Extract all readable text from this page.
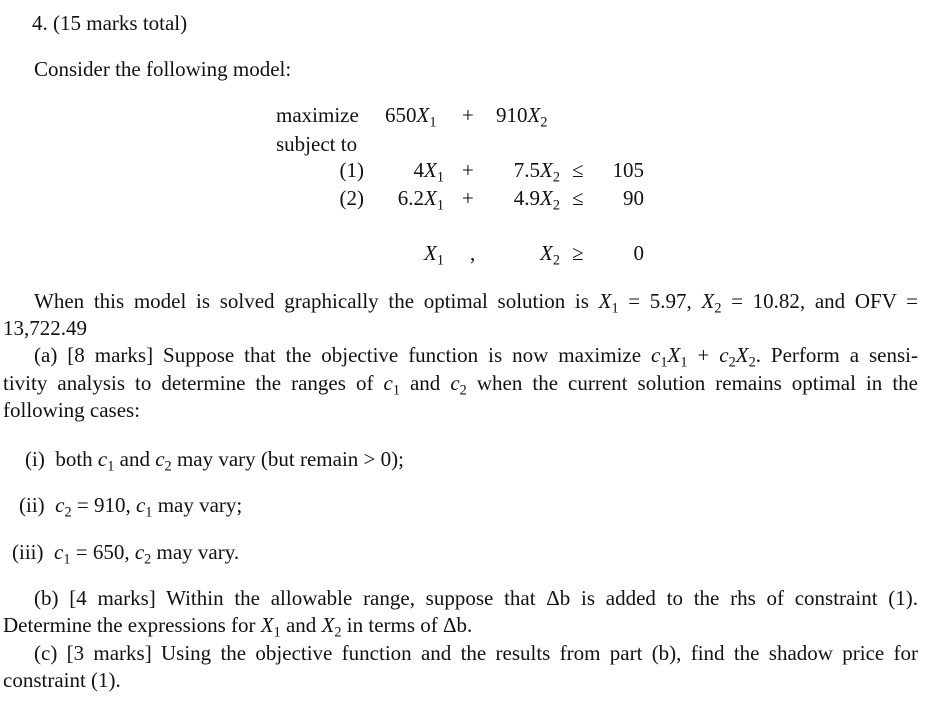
4. (15 marks total)
Consider the following model:
maximize $650X_1 + 910X_2$
subject to
(1)	$4X_1$ +	$7.5X_2$ ≤	105
(2)	$6.2X_1$ +	$4.9X_2$ ≤	90
$X_1$ ,	$X_2$ ≥	0
When this model is solved graphically the optimal solution is $X_1 = 5.97$, $X_2 = 10.82$, and OFV =
13,722.49
(a) [8 marks] Suppose that the objective function is now maximize $c_1X_1 + c_2X_2$. Perform a sensi-
tivity analysis to determine the ranges of $c_1$ and $c_2$ when the current solution remains optimal in the
following cases:
(i) both $c_1$ and $c_2$ may vary (but remain > 0);
(ii) $c_2 = 910$, $c_1$ may vary;
(iii) $c_1 = 650$, $c_2$ may vary.
(b) [4 marks] Within the allowable range, suppose that Δb is added to the rhs of constraint (1).
Determine the expressions for $X_1$ and $X_2$ in terms of Δb.
(c) [3 marks] Using the objective function and the results from part (b), find the shadow price for
constraint (1).
